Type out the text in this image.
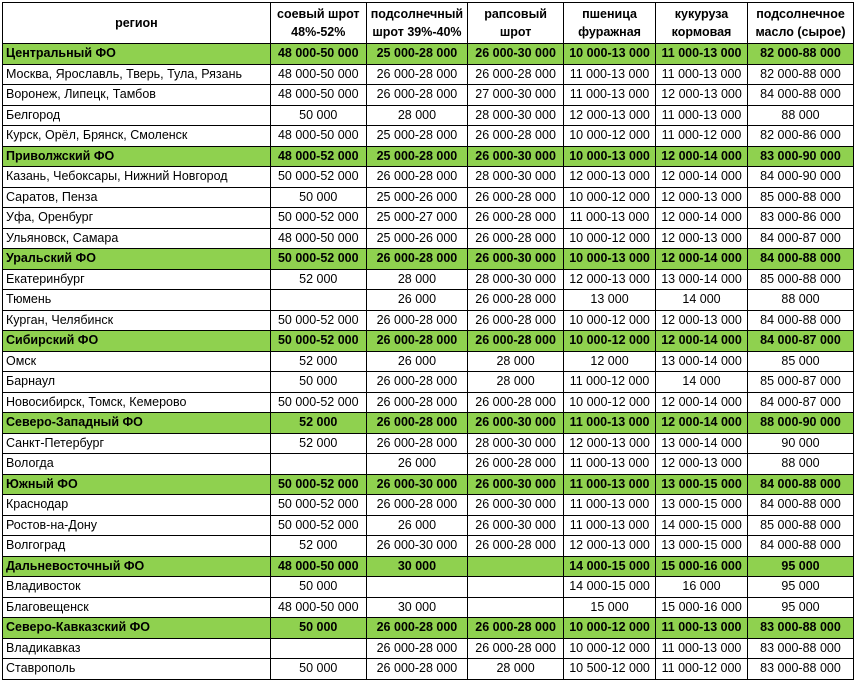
регион	соевый шрот 48%-52%	подсолнечный шрот 39%-40%	рапсовый шрот	пшеница фуражная	кукуруза кормовая	подсолнечное масло (сырое)
Центральный ФО	48 000-50 000	25 000-28 000	26 000-30 000	10 000-13 000	11 000-13 000	82 000-88 000
Москва, Ярославль, Тверь, Тула, Рязань	48 000-50 000	26 000-28 000	26 000-28 000	11 000-13 000	11 000-13 000	82 000-88 000
Воронеж, Липецк, Тамбов	48 000-50 000	26 000-28 000	27 000-30 000	11 000-13 000	12 000-13 000	84 000-88 000
Белгород	50 000	28 000	28 000-30 000	12 000-13 000	11 000-13 000	88 000
Курск, Орёл, Брянск, Смоленск	48 000-50 000	25 000-28 000	26 000-28 000	10 000-12 000	11 000-12 000	82 000-86 000
Приволжский ФО	48 000-52 000	25 000-28 000	26 000-30 000	10 000-13 000	12 000-14 000	83 000-90 000
Казань, Чебоксары, Нижний Новгород	50 000-52 000	26 000-28 000	28 000-30 000	12 000-13 000	12 000-14 000	84 000-90 000
Саратов, Пенза	50 000	25 000-26 000	26 000-28 000	10 000-12 000	12 000-13 000	85 000-88 000
Уфа, Оренбург	50 000-52 000	25 000-27 000	26 000-28 000	11 000-13 000	12 000-14 000	83 000-86 000
Ульяновск, Самара	48 000-50 000	25 000-26 000	26 000-28 000	10 000-12 000	12 000-13 000	84 000-87 000
Уральский ФО	50 000-52 000	26 000-28 000	26 000-30 000	10 000-13 000	12 000-14 000	84 000-88 000
Екатеринбург	52 000	28 000	28 000-30 000	12 000-13 000	13 000-14 000	85 000-88 000
Тюмень		26 000	26 000-28 000	13 000	14 000	88 000
Курган, Челябинск	50 000-52 000	26 000-28 000	26 000-28 000	10 000-12 000	12 000-13 000	84 000-88 000
Сибирский ФО	50 000-52 000	26 000-28 000	26 000-28 000	10 000-12 000	12 000-14 000	84 000-87 000
Омск	52 000	26 000	28 000	12 000	13 000-14 000	85 000
Барнаул	50 000	26 000-28 000	28 000	11 000-12 000	14 000	85 000-87 000
Новосибирск, Томск, Кемерово	50 000-52 000	26 000-28 000	26 000-28 000	10 000-12 000	12 000-14 000	84 000-87 000
Северо-Западный ФО	52 000	26 000-28 000	26 000-30 000	11 000-13 000	12 000-14 000	88 000-90 000
Санкт-Петербург	52 000	26 000-28 000	28 000-30 000	12 000-13 000	13 000-14 000	90 000
Вологда		26 000	26 000-28 000	11 000-13 000	12 000-13 000	88 000
Южный ФО	50 000-52 000	26 000-30 000	26 000-30 000	11 000-13 000	13 000-15 000	84 000-88 000
Краснодар	50 000-52 000	26 000-28 000	26 000-30 000	11 000-13 000	13 000-15 000	84 000-88 000
Ростов-на-Дону	50 000-52 000	26 000	26 000-30 000	11 000-13 000	14 000-15 000	85 000-88 000
Волгоград	52 000	26 000-30 000	26 000-28 000	12 000-13 000	13 000-15 000	84 000-88 000
Дальневосточный ФО	48 000-50 000	30 000		14 000-15 000	15 000-16 000	95 000
Владивосток	50 000			14 000-15 000	16 000	95 000
Благовещенск	48 000-50 000	30 000		15 000	15 000-16 000	95 000
Северо-Кавказский ФО	50 000	26 000-28 000	26 000-28 000	10 000-12 000	11 000-13 000	83 000-88 000
Владикавказ		26 000-28 000	26 000-28 000	10 000-12 000	11 000-13 000	83 000-88 000
Ставрополь	50 000	26 000-28 000	28 000	10 500-12 000	11 000-12 000	83 000-88 000
